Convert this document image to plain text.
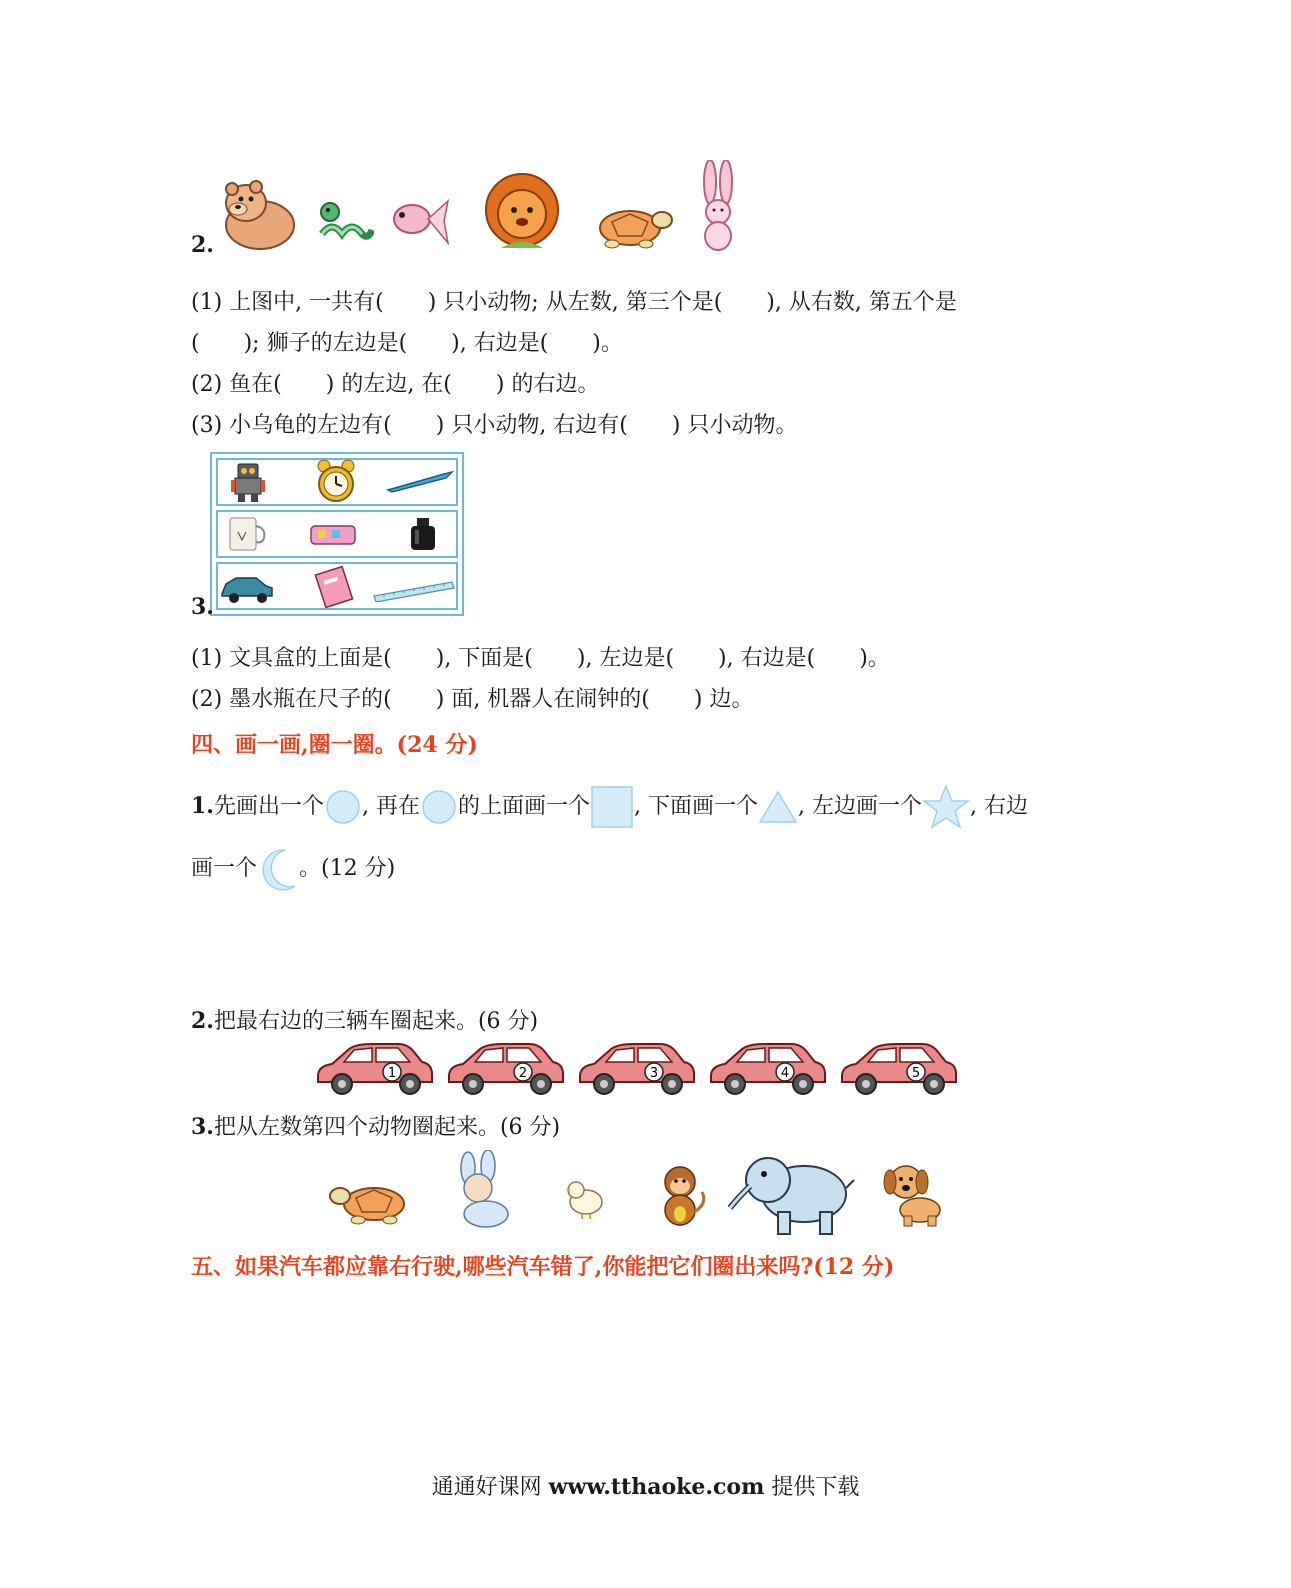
2.
(1) 上图中, 一共有(　　) 只小动物; 从左数, 第三个是(　　), 从右数, 第五个是
(　　); 狮子的左边是(　　), 右边是(　　)。
(2) 鱼在(　　) 的左边, 在(　　) 的右边。
(3) 小乌龟的左边有(　　) 只小动物, 右边有(　　) 只小动物。
3.
(1) 文具盒的上面是(　　), 下面是(　　), 左边是(　　), 右边是(　　)。
(2) 墨水瓶在尺子的(　　) 面, 机器人在闹钟的(　　) 边。
四、画一画,圈一圈。(24 分)
1.先画出一个 , 再在 的上面画一个 , 下面画一个 , 左边画一个 , 右边
画一个 。(12 分)
2.把最右边的三辆车圈起来。(6 分)
1	2	3	4	5
3.把从左数第四个动物圈起来。(6 分)
五、如果汽车都应靠右行驶,哪些汽车错了,你能把它们圈出来吗?(12 分)
通通好课网 www.tthaoke.com 提供下载
